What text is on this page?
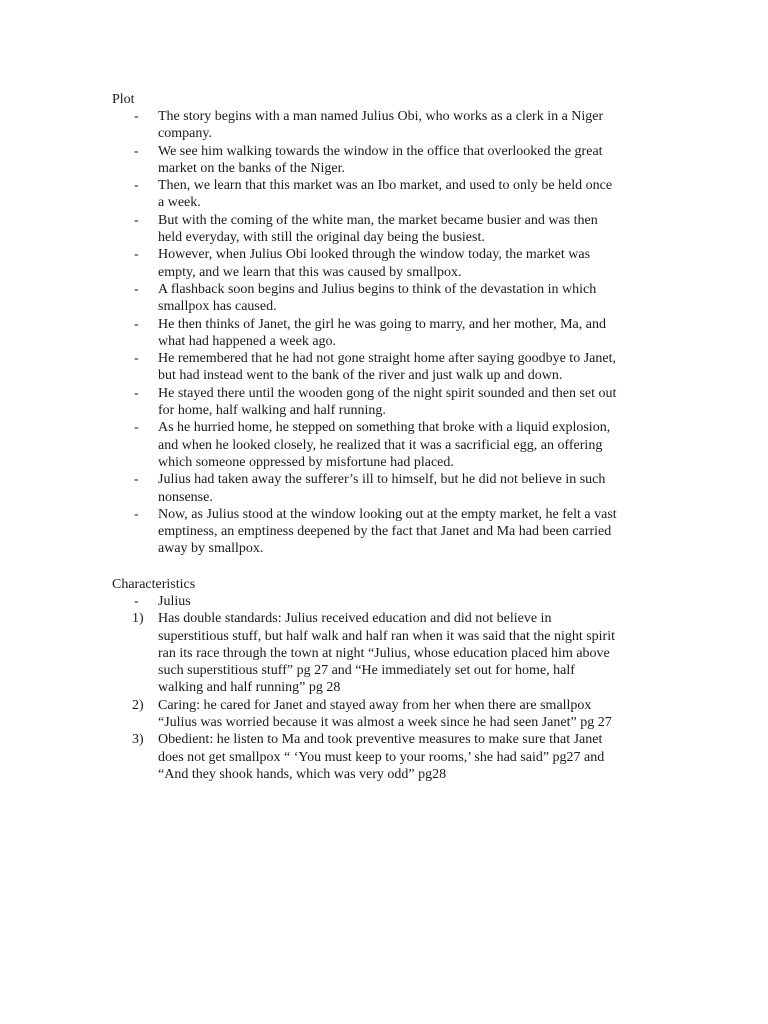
Plot
-	The story begins with a man named Julius Obi, who works as a clerk in a Niger
company.
-	We see him walking towards the window in the office that overlooked the great
market on the banks of the Niger.
-	Then, we learn that this market was an Ibo market, and used to only be held once
a week.
-	But with the coming of the white man, the market became busier and was then
held everyday, with still the original day being the busiest.
-	However, when Julius Obi looked through the window today, the market was
empty, and we learn that this was caused by smallpox.
-	A flashback soon begins and Julius begins to think of the devastation in which
smallpox has caused.
-	He then thinks of Janet, the girl he was going to marry, and her mother, Ma, and
what had happened a week ago.
-	He remembered that he had not gone straight home after saying goodbye to Janet,
but had instead went to the bank of the river and just walk up and down.
-	He stayed there until the wooden gong of the night spirit sounded and then set out
for home, half walking and half running.
-	As he hurried home, he stepped on something that broke with a liquid explosion,
and when he looked closely, he realized that it was a sacrificial egg, an offering
which someone oppressed by misfortune had placed.
-	Julius had taken away the sufferer’s ill to himself, but he did not believe in such
nonsense.
-	Now, as Julius stood at the window looking out at the empty market, he felt a vast
emptiness, an emptiness deepened by the fact that Janet and Ma had been carried
away by smallpox.
Characteristics
-	Julius
1)	Has double standards: Julius received education and did not believe in
superstitious stuff, but half walk and half ran when it was said that the night spirit
ran its race through the town at night “Julius, whose education placed him above
such superstitious stuff” pg 27 and “He immediately set out for home, half
walking and half running” pg 28
2)	Caring: he cared for Janet and stayed away from her when there are smallpox
“Julius was worried because it was almost a week since he had seen Janet” pg 27
3)	Obedient: he listen to Ma and took preventive measures to make sure that Janet
does not get smallpox “ ‘You must keep to your rooms,’ she had said” pg27 and
“And they shook hands, which was very odd” pg28
